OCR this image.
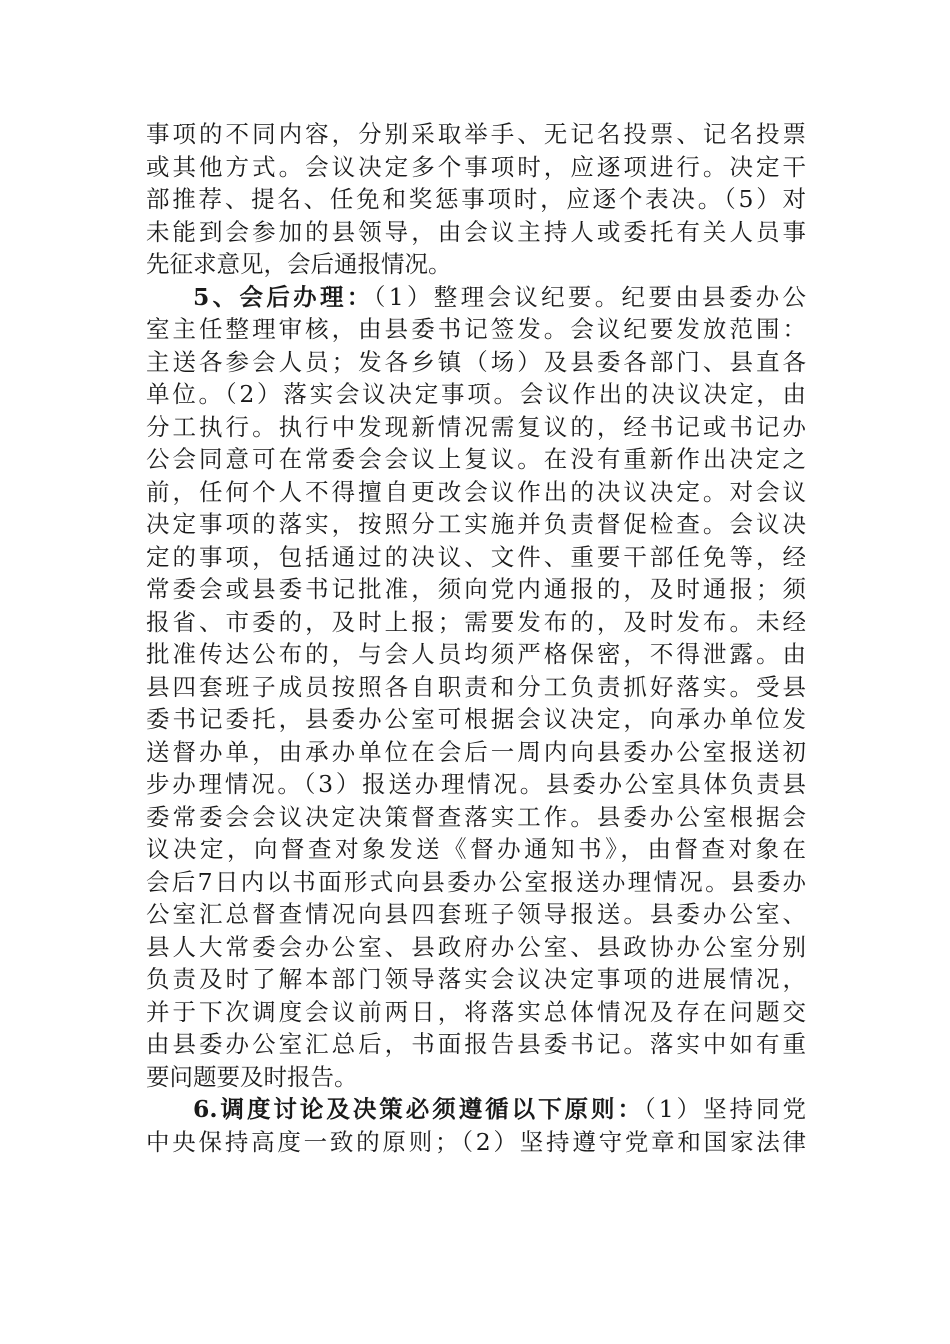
事项的不同内容，分别采取举手、无记名投票、记名投票
或其他方式。会议决定多个事项时，应逐项进行。决定干
部推荐、提名、任免和奖惩事项时，应逐个表决。（5）对
未能到会参加的县领导，由会议主持人或委托有关人员事
先征求意见，会后通报情况。
5、会后办理：（1）整理会议纪要。纪要由县委办公
室主任整理审核，由县委书记签发。会议纪要发放范围：
主送各参会人员；发各乡镇（场）及县委各部门、县直各
单位。（2）落实会议决定事项。会议作出的决议决定，由
分工执行。执行中发现新情况需复议的，经书记或书记办
公会同意可在常委会会议上复议。在没有重新作出决定之
前，任何个人不得擅自更改会议作出的决议决定。对会议
决定事项的落实，按照分工实施并负责督促检查。会议决
定的事项，包括通过的决议、文件、重要干部任免等，经
常委会或县委书记批准，须向党内通报的，及时通报；须
报省、市委的，及时上报；需要发布的，及时发布。未经
批准传达公布的，与会人员均须严格保密，不得泄露。由
县四套班子成员按照各自职责和分工负责抓好落实。受县
委书记委托，县委办公室可根据会议决定，向承办单位发
送督办单，由承办单位在会后一周内向县委办公室报送初
步办理情况。（3）报送办理情况。县委办公室具体负责县
委常委会会议决定决策督查落实工作。县委办公室根据会
议决定，向督查对象发送《督办通知书》，由督查对象在
会后7日内以书面形式向县委办公室报送办理情况。县委办
公室汇总督查情况向县四套班子领导报送。县委办公室、
县人大常委会办公室、县政府办公室、县政协办公室分别
负责及时了解本部门领导落实会议决定事项的进展情况，
并于下次调度会议前两日，将落实总体情况及存在问题交
由县委办公室汇总后，书面报告县委书记。落实中如有重
要问题要及时报告。
6.调度讨论及决策必须遵循以下原则：（1）坚持同党
中央保持高度一致的原则；（2）坚持遵守党章和国家法律
